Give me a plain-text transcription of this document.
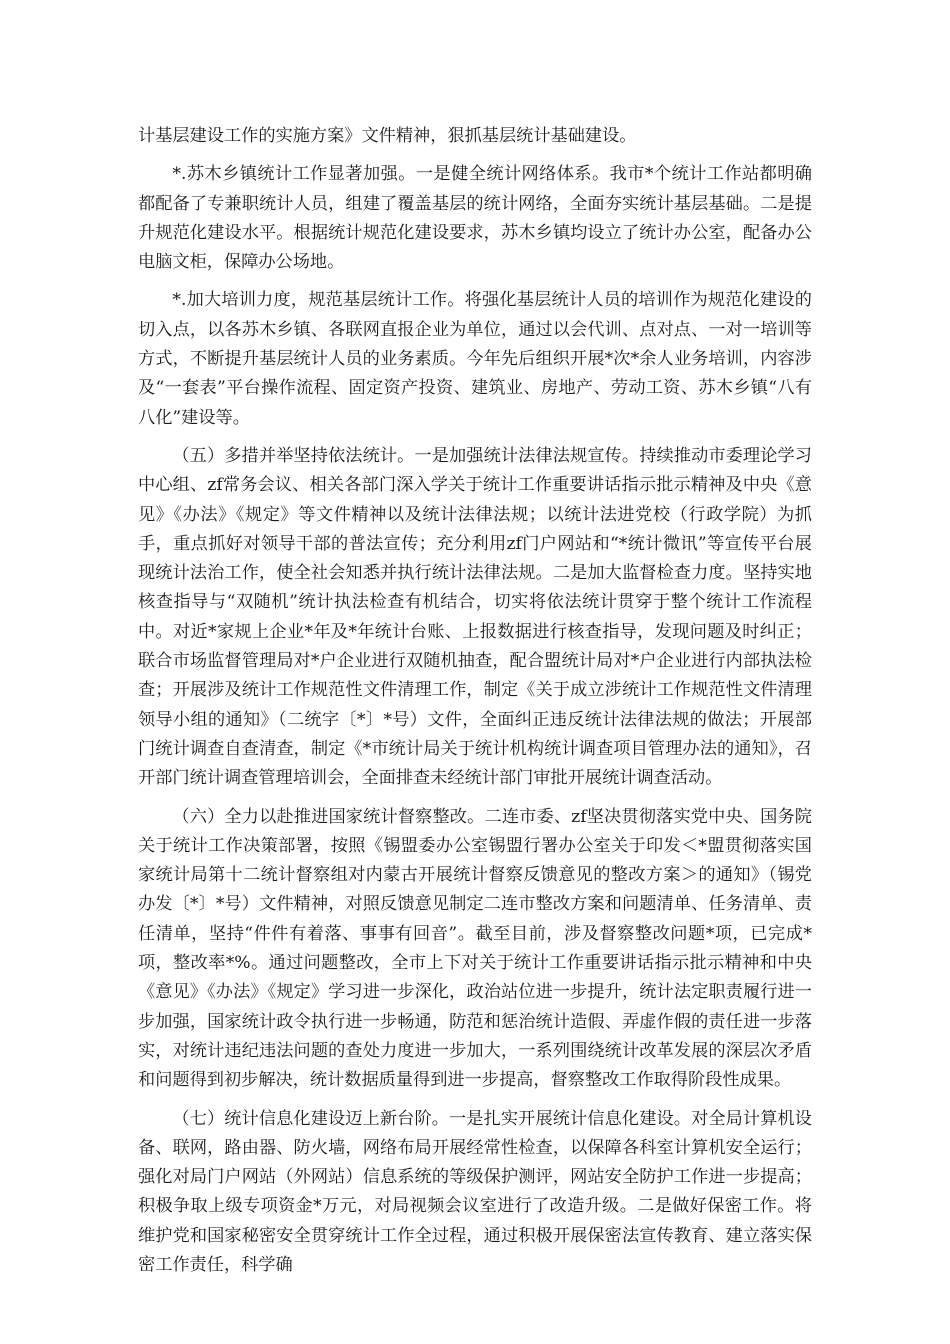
计基层建设工作的实施方案》文件精神，狠抓基层统计基础建设。

*.苏木乡镇统计工作显著加强。一是健全统计网络体系。我市*个统计工作站都明确都配备了专兼职统计人员，组建了覆盖基层的统计网络，全面夯实统计基层基础。二是提升规范化建设水平。根据统计规范化建设要求，苏木乡镇均设立了统计办公室，配备办公电脑文柜，保障办公场地。

*.加大培训力度，规范基层统计工作。将强化基层统计人员的培训作为规范化建设的切入点，以各苏木乡镇、各联网直报企业为单位，通过以会代训、点对点、一对一培训等方式，不断提升基层统计人员的业务素质。今年先后组织开展*次*余人业务培训，内容涉及“一套表”平台操作流程、固定资产投资、建筑业、房地产、劳动工资、苏木乡镇“八有八化”建设等。

（五）多措并举坚持依法统计。一是加强统计法律法规宣传。持续推动市委理论学习中心组、zf常务会议、相关各部门深入学关于统计工作重要讲话指示批示精神及中央《意见》《办法》《规定》等文件精神以及统计法律法规；以统计法进党校（行政学院）为抓手，重点抓好对领导干部的普法宣传；充分利用zf门户网站和“*统计微讯”等宣传平台展现统计法治工作，使全社会知悉并执行统计法律法规。二是加大监督检查力度。坚持实地核查指导与“双随机”统计执法检查有机结合，切实将依法统计贯穿于整个统计工作流程中。对近*家规上企业*年及*年统计台账、上报数据进行核查指导，发现问题及时纠正；联合市场监督管理局对*户企业进行双随机抽查，配合盟统计局对*户企业进行内部执法检查；开展涉及统计工作规范性文件清理工作，制定《关于成立涉统计工作规范性文件清理领导小组的通知》（二统字〔*〕*号）文件，全面纠正违反统计法律法规的做法；开展部门统计调查自查清查，制定《*市统计局关于统计机构统计调查项目管理办法的通知》，召开部门统计调查管理培训会，全面排查未经统计部门审批开展统计调查活动。

（六）全力以赴推进国家统计督察整改。二连市委、zf坚决贯彻落实党中央、国务院关于统计工作决策部署，按照《锡盟委办公室锡盟行署办公室关于印发＜*盟贯彻落实国家统计局第十二统计督察组对内蒙古开展统计督察反馈意见的整改方案＞的通知》（锡党办发〔*〕*号）文件精神，对照反馈意见制定二连市整改方案和问题清单、任务清单、责任清单，坚持“件件有着落、事事有回音”。截至目前，涉及督察整改问题*项，已完成*项，整改率*%。通过问题整改，全市上下对关于统计工作重要讲话指示批示精神和中央《意见》《办法》《规定》学习进一步深化，政治站位进一步提升，统计法定职责履行进一步加强，国家统计政令执行进一步畅通，防范和惩治统计造假、弄虚作假的责任进一步落实，对统计违纪违法问题的查处力度进一步加大，一系列围绕统计改革发展的深层次矛盾和问题得到初步解决，统计数据质量得到进一步提高，督察整改工作取得阶段性成果。

（七）统计信息化建设迈上新台阶。一是扎实开展统计信息化建设。对全局计算机设备、联网，路由器、防火墙，网络布局开展经常性检查，以保障各科室计算机安全运行；强化对局门户网站（外网站）信息系统的等级保护测评，网站安全防护工作进一步提高；积极争取上级专项资金*万元，对局视频会议室进行了改造升级。二是做好保密工作。将维护党和国家秘密安全贯穿统计工作全过程，通过积极开展保密法宣传教育、建立落实保密工作责任，科学确
